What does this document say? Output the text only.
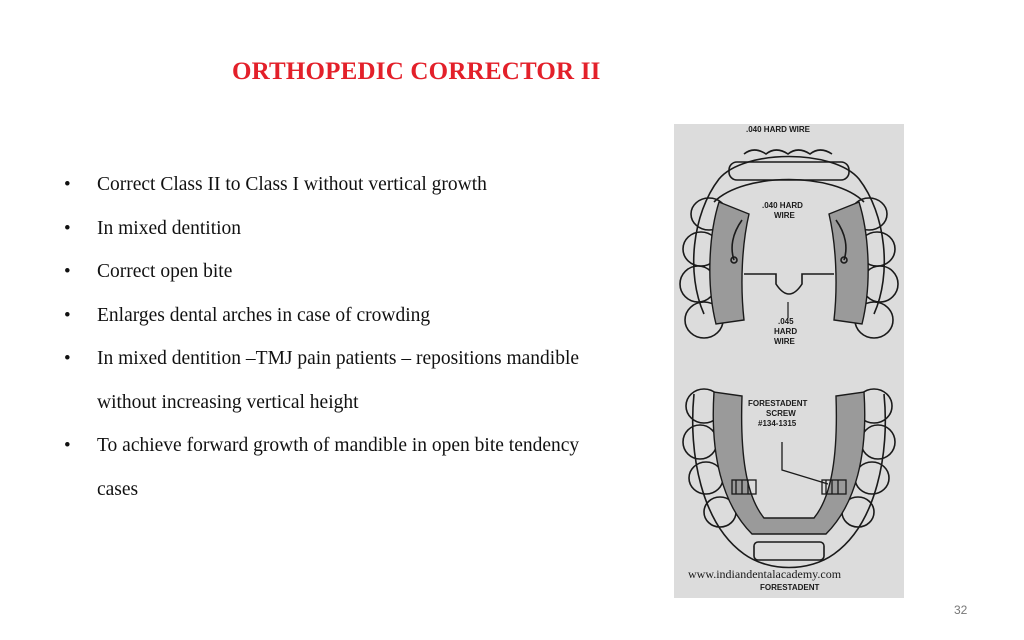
ORTHOPEDIC CORRECTOR II
• Correct Class II to Class I without vertical growth
• In mixed dentition
• Correct open bite
• Enlarges dental arches in case of crowding
• In mixed dentition –TMJ pain patients – repositions mandible without increasing vertical height
• To achieve forward growth of mandible in open bite tendency cases
.040 HARD WIRE
.040 HARD
WIRE
.045
HARD
WIRE
FORESTADENT
SCREW
#134-1315
www.indiandentalacademy.com
FORESTADENT
32
